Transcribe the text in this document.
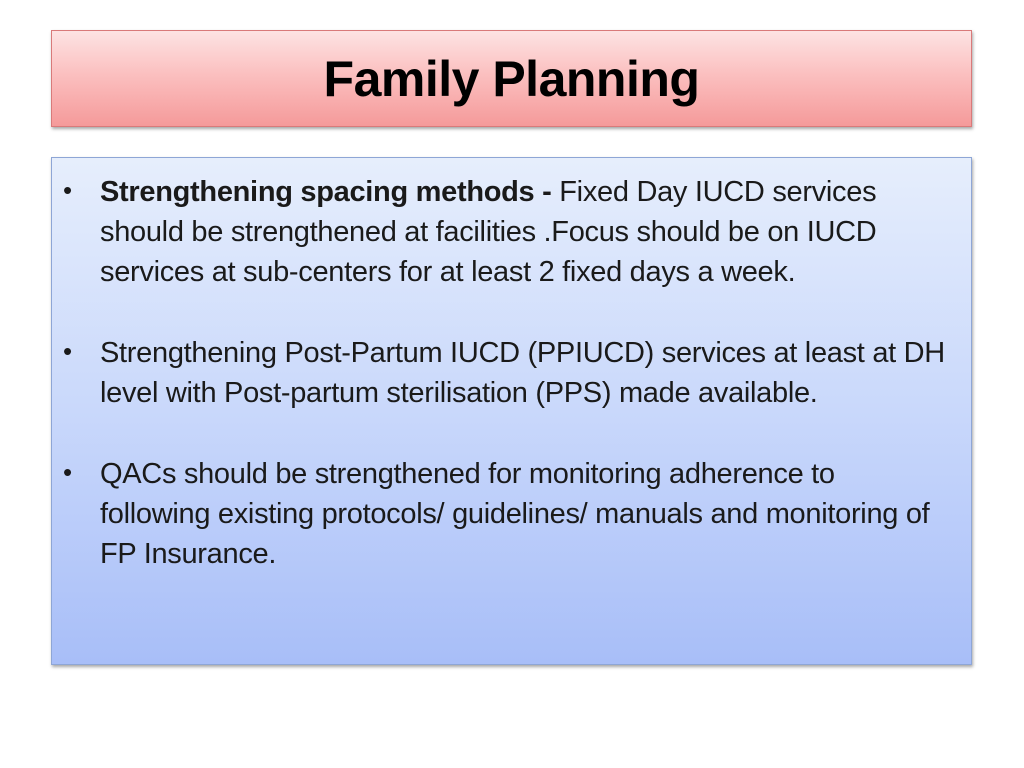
Family Planning
• Strengthening spacing methods - Fixed Day IUCD services should be strengthened at facilities .Focus should be on IUCD services at sub-centers for at least 2 fixed days a week.
• Strengthening Post-Partum IUCD (PPIUCD) services at least at DH level with Post-partum sterilisation (PPS) made available.
• QACs should be strengthened for monitoring adherence to following existing protocols/ guidelines/ manuals and monitoring of FP Insurance.
